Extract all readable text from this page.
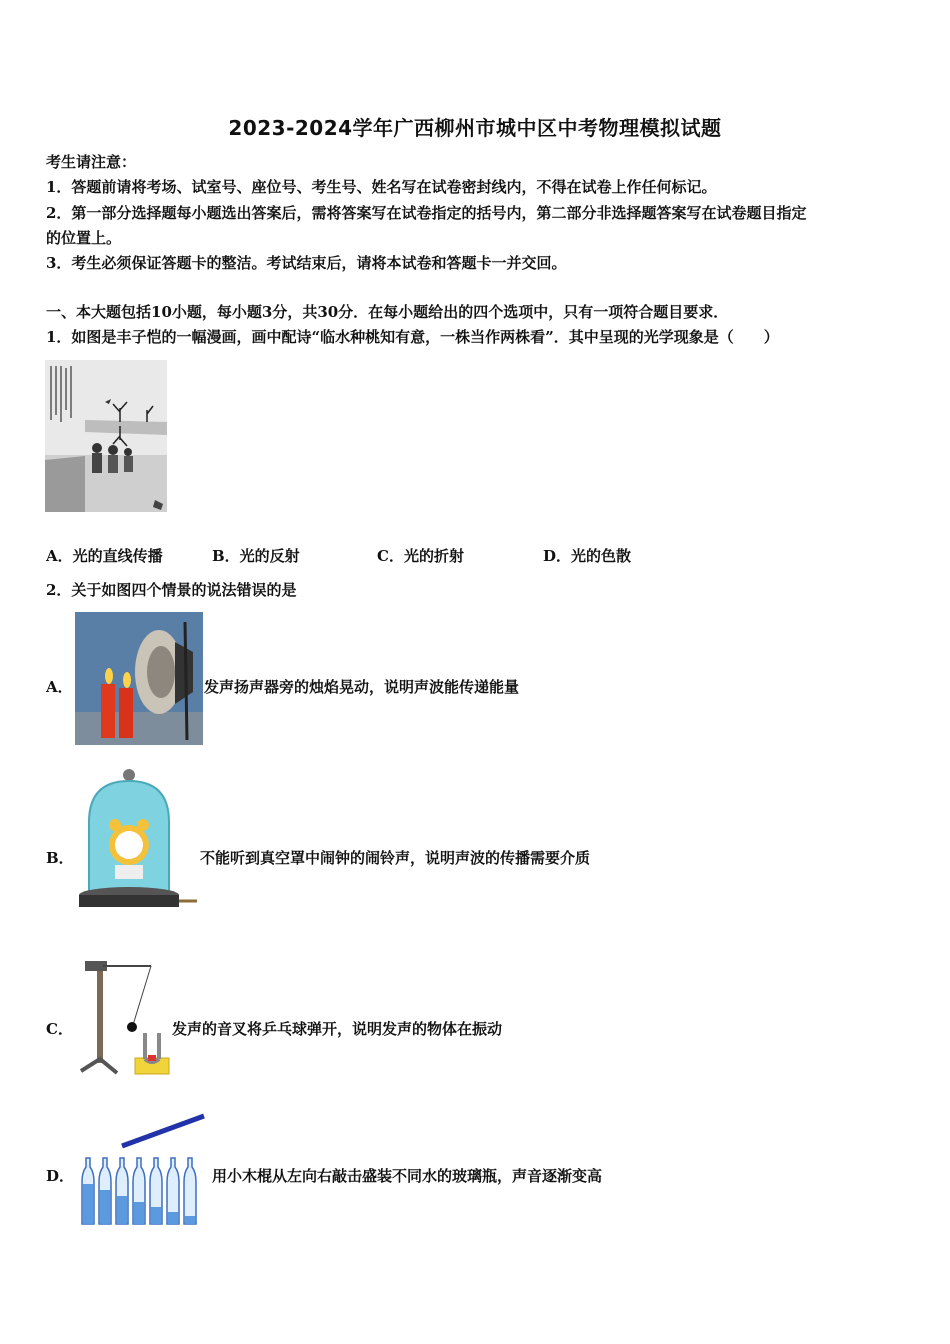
2023-2024学年广西柳州市城中区中考物理模拟试题
考生请注意：
1．答题前请将考场、试室号、座位号、考生号、姓名写在试卷密封线内，不得在试卷上作任何标记。
2．第一部分选择题每小题选出答案后，需将答案写在试卷指定的括号内，第二部分非选择题答案写在试卷题目指定
的位置上。
3．考生必须保证答题卡的整洁。考试结束后，请将本试卷和答题卡一并交回。
一、本大题包括10小题，每小题3分，共30分．在每小题给出的四个选项中，只有一项符合题目要求．
1．如图是丰子恺的一幅漫画，画中配诗“临水种桃知有意，一株当作两株看”．其中呈现的光学现象是（　　）
A．光的直线传播	B．光的反射	C．光的折射	D．光的色散
2．关于如图四个情景的说法错误的是
A．	发声扬声器旁的烛焰晃动，说明声波能传递能量
B．	不能听到真空罩中闹钟的闹铃声，说明声波的传播需要介质
C．	发声的音叉将乒乓球弹开，说明发声的物体在振动
D．	用小木棍从左向右敲击盛装不同水的玻璃瓶，声音逐渐变高
